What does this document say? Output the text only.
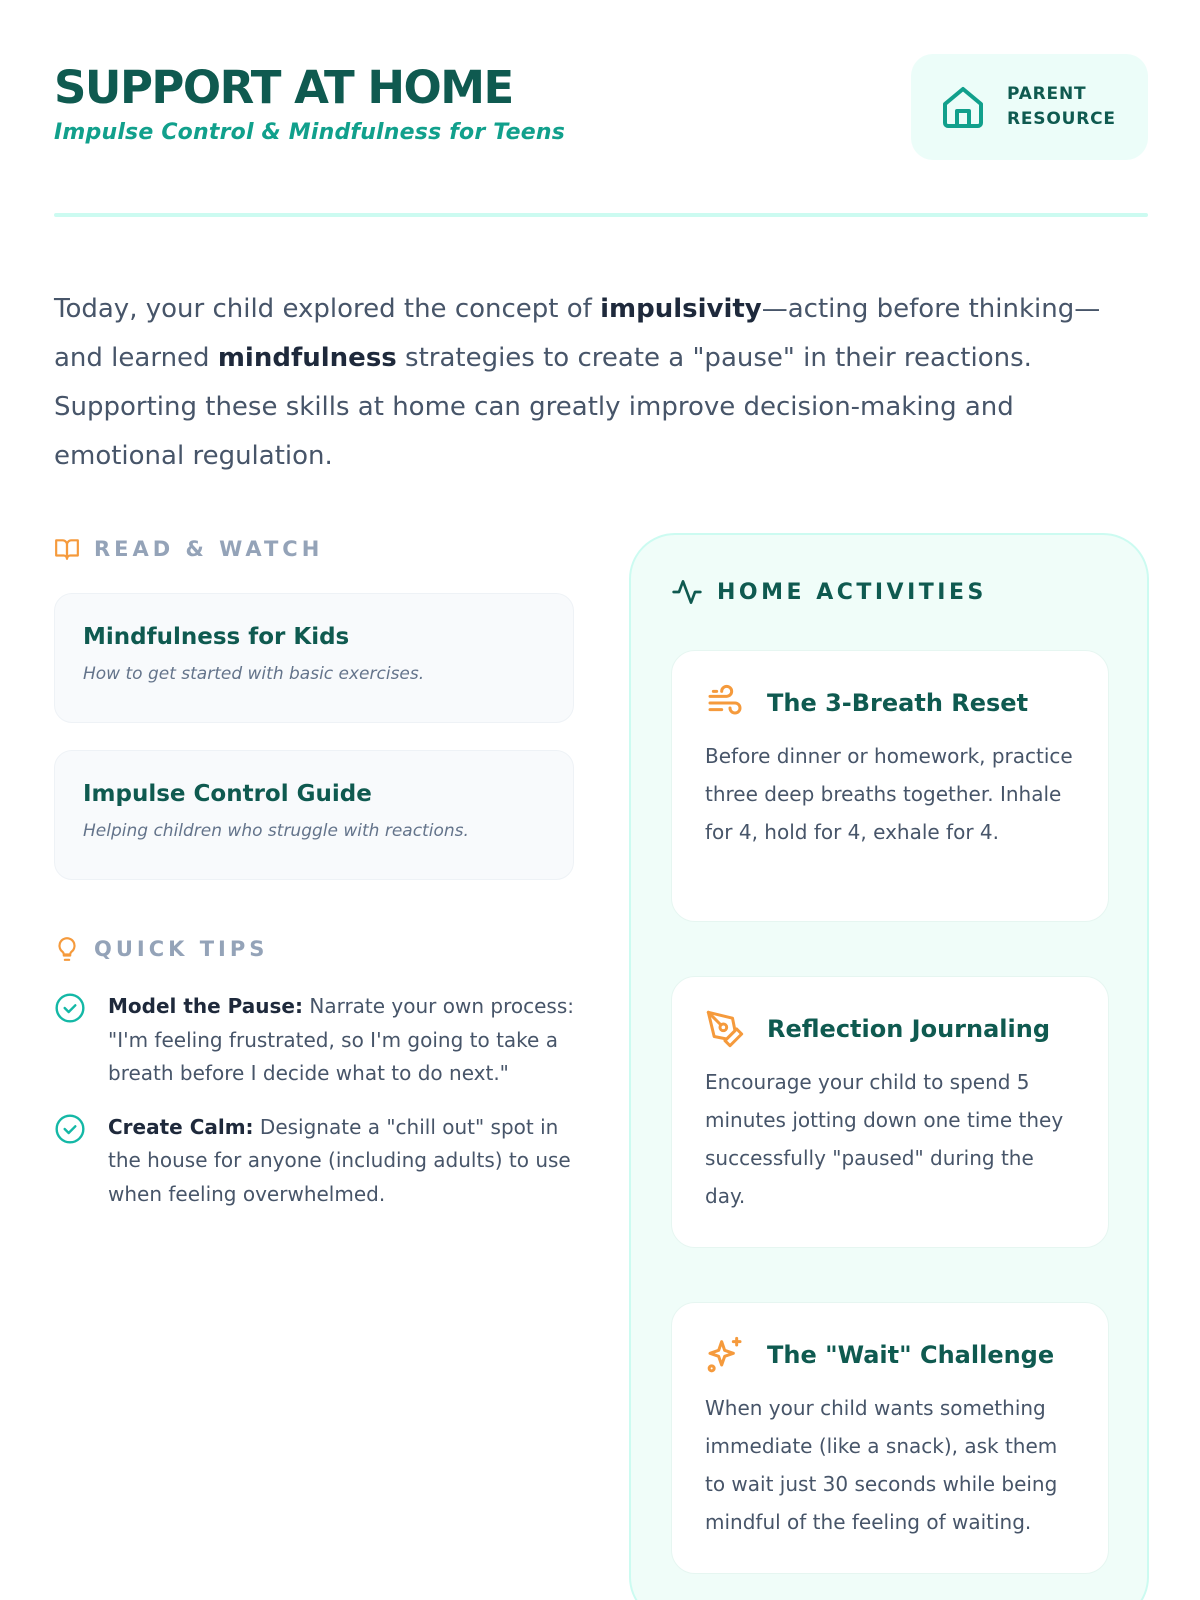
SUPPORT AT HOME
Impulse Control & Mindfulness for Teens
PARENT
RESOURCE

Today, your child explored the concept of impulsivity—acting before thinking—and learned mindfulness strategies to create a "pause" in their reactions. Supporting these skills at home can greatly improve decision-making and emotional regulation.

READ & WATCH
Mindfulness for Kids
How to get started with basic exercises.
Impulse Control Guide
Helping children who struggle with reactions.
QUICK TIPS
Model the Pause: Narrate your own process: "I'm feeling frustrated, so I'm going to take a breath before I decide what to do next."
Create Calm: Designate a "chill out" spot in the house for anyone (including adults) to use when feeling overwhelmed.
HOME ACTIVITIES
The 3-Breath Reset
Before dinner or homework, practice three deep breaths together. Inhale for 4, hold for 4, exhale for 4.
Reflection Journaling
Encourage your child to spend 5 minutes jotting down one time they successfully "paused" during the day.
The "Wait" Challenge
When your child wants something immediate (like a snack), ask them to wait just 30 seconds while being mindful of the feeling of waiting.
